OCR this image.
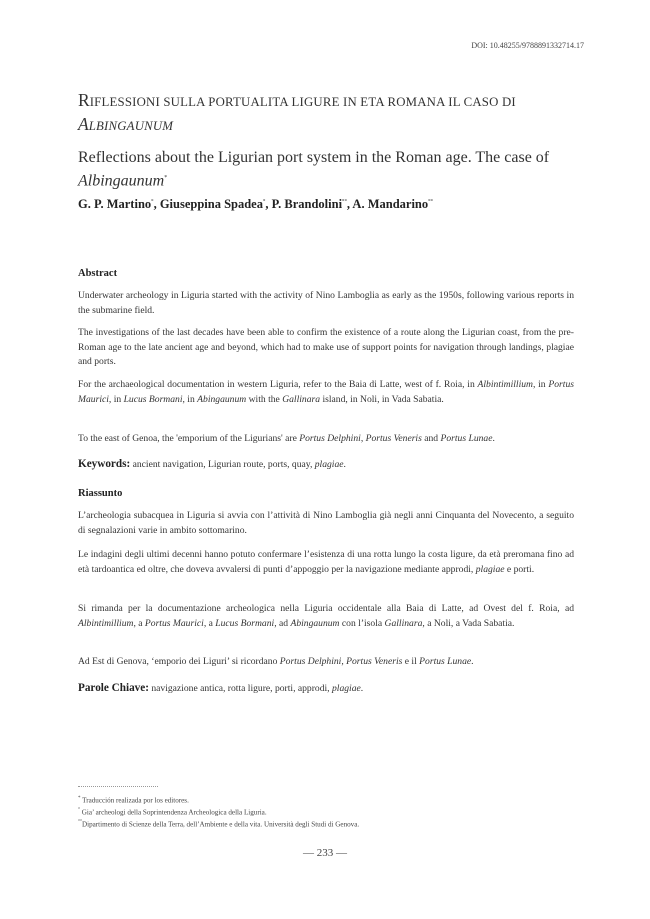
DOI: 10.48255/9788891332714.17
RIFLESSIONI SULLA PORTUALITA LIGURE IN ETA ROMANA IL CASO DI
ALBINGAUNUM
Reflections about the Ligurian port system in the Roman age. The case of
Albingaunum*
G. P. Martino°, Giuseppina Spadea°, P. Brandolini°°, A. Mandarino°°
Abstract
Underwater archeology in Liguria started with the activity of Nino Lamboglia as early as the 1950s, following various reports in the submarine field.
The investigations of the last decades have been able to confirm the existence of a route along the Ligurian coast, from the pre-Roman age to the late ancient age and beyond, which had to make use of support points for navigation through landings, plagiae and ports.
For the archaeological documentation in western Liguria, refer to the Baia di Latte, west of f. Roia, in Albintimillium, in Portus Maurici, in Lucus Bormani, in Abingaunum with the Gallinara island, in Noli, in Vada Sabatia.
To the east of Genoa, the 'emporium of the Ligurians' are Portus Delphini, Portus Veneris and Portus Lunae.
Keywords: ancient navigation, Ligurian route, ports, quay, plagiae.
Riassunto
L’archeologia subacquea in Liguria si avvia con l’attività di Nino Lamboglia già negli anni Cinquanta del Novecento, a seguito di segnalazioni varie in ambito sottomarino.
Le indagini degli ultimi decenni hanno potuto confermare l’esistenza di una rotta lungo la costa ligure, da età preromana fino ad età tardoantica ed oltre, che doveva avvalersi di punti d’appoggio per la navigazione mediante approdi, plagiae e porti.
Si rimanda per la documentazione archeologica nella Liguria occidentale alla Baia di Latte, ad Ovest del f. Roia, ad Albintimillium, a Portus Maurici, a Lucus Bormani, ad Abingaunum con l’isola Gallinara, a Noli, a Vada Sabatia.
Ad Est di Genova, ‘emporio dei Liguri’ si ricordano Portus Delphini, Portus Veneris e il Portus Lunae.
Parole Chiave: navigazione antica, rotta ligure, porti, approdi, plagiae.
* Traducción realizada por los editores.
° Gia’ archeologi della Soprintendenza Archeologica della Liguria.
°°Dipartimento di Scienze della Terra, dell’Ambiente e della vita. Università degli Studi di Genova.
— 233 —
